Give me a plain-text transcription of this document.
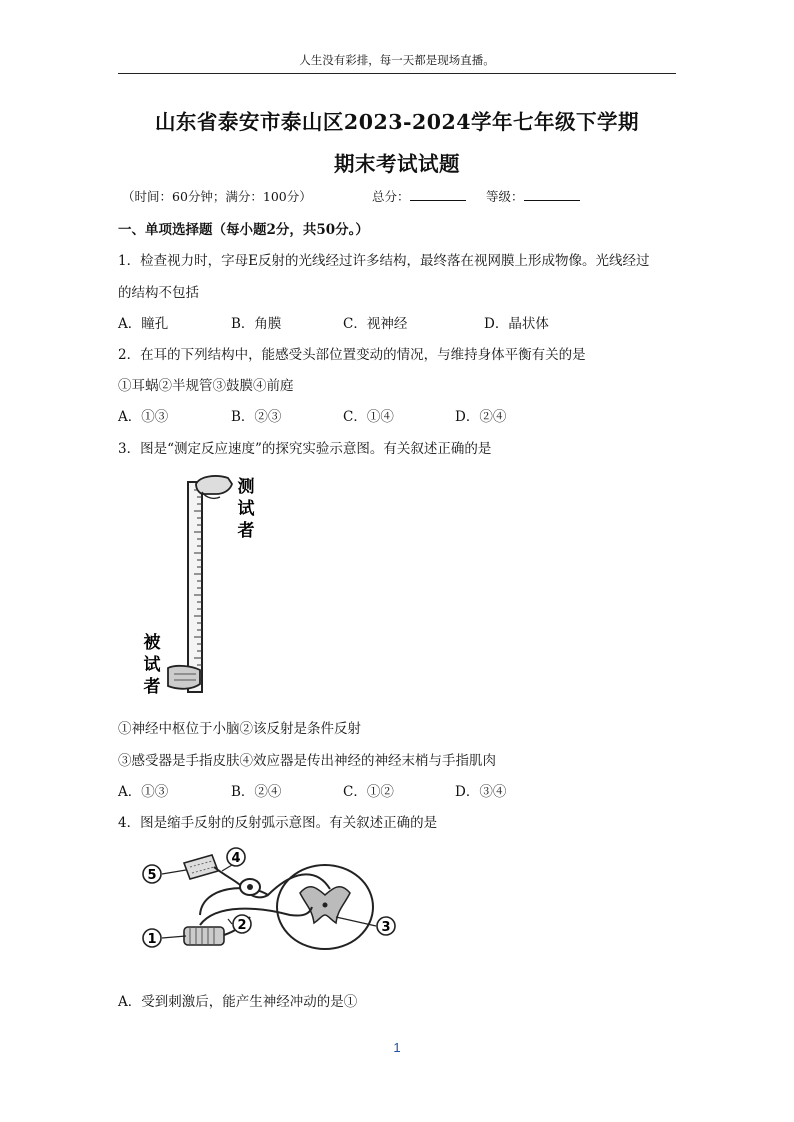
人生没有彩排，每一天都是现场直播。
山东省泰安市泰山区2023-2024学年七年级下学期
期末考试试题
（时间：60分钟；满分：100分）	总分：	等级：
一、单项选择题（每小题2分，共50分。）
1．检查视力时，字母E反射的光线经过许多结构，最终落在视网膜上形成物像。光线经过
的结构不包括
A．瞳孔	B．角膜	C．视神经	D．晶状体
2．在耳的下列结构中，能感受头部位置变动的情况，与维持身体平衡有关的是
①耳蜗②半规管③鼓膜④前庭
A．①③	B．②③	C．①④	D．②④
3．图是“测定反应速度”的探究实验示意图。有关叙述正确的是
测
试
者
被
试
者
①神经中枢位于小脑②该反射是条件反射
③感受器是手指皮肤④效应器是传出神经的神经末梢与手指肌肉
A．①③	B．②④	C．①②	D．③④
4．图是缩手反射的反射弧示意图。有关叙述正确的是
5
4
1
2	3
A．受到刺激后，能产生神经冲动的是①
1
